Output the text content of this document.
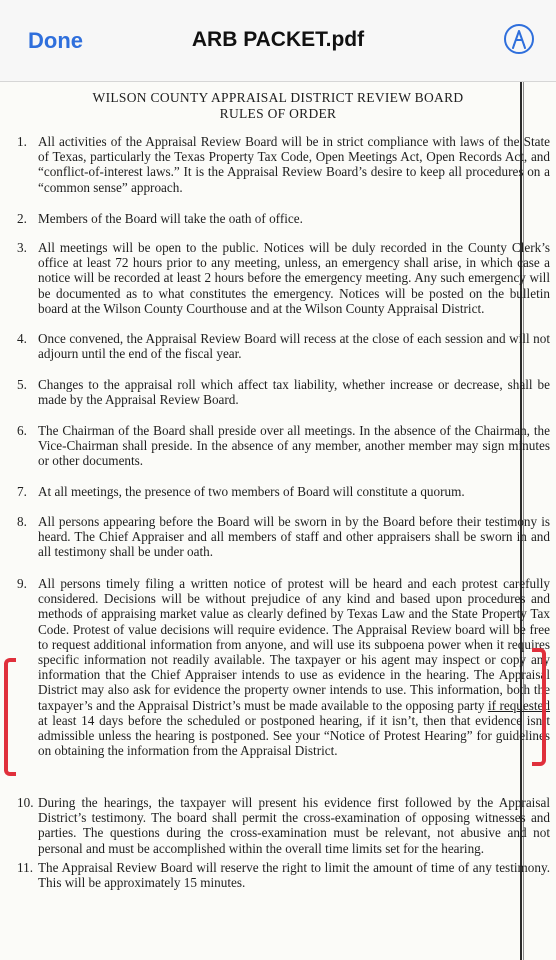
Done	ARB PACKET.pdf
WILSON COUNTY APPRAISAL DISTRICT REVIEW BOARD
RULES OF ORDER
1. All activities of the Appraisal Review Board will be in strict compliance with laws of the State of Texas, particularly the Texas Property Tax Code, Open Meetings Act, Open Records Act, and “conflict-of-interest laws.” It is the Appraisal Review Board’s desire to keep all procedures on a “common sense” approach.
2. Members of the Board will take the oath of office.
3. All meetings will be open to the public. Notices will be duly recorded in the County Clerk’s office at least 72 hours prior to any meeting, unless, an emergency shall arise, in which case a notice will be recorded at least 2 hours before the emergency meeting. Any such emergency will be documented as to what constitutes the emergency. Notices will be posted on the bulletin board at the Wilson County Courthouse and at the Wilson County Appraisal District.
4. Once convened, the Appraisal Review Board will recess at the close of each session and will not adjourn until the end of the fiscal year.
5. Changes to the appraisal roll which affect tax liability, whether increase or decrease, shall be made by the Appraisal Review Board.
6. The Chairman of the Board shall preside over all meetings. In the absence of the Chairman, the Vice-Chairman shall preside. In the absence of any member, another member may sign minutes or other documents.
7. At all meetings, the presence of two members of Board will constitute a quorum.
8. All persons appearing before the Board will be sworn in by the Board before their testimony is heard. The Chief Appraiser and all members of staff and other appraisers shall be sworn in and all testimony shall be under oath.
9. All persons timely filing a written notice of protest will be heard and each protest carefully considered. Decisions will be without prejudice of any kind and based upon procedures and methods of appraising market value as clearly defined by Texas Law and the State Property Tax Code. Protest of value decisions will require evidence. The Appraisal Review board will be free to request additional information from anyone, and will use its subpoena power when it requires specific information not readily available. The taxpayer or his agent may inspect or copy any information that the Chief Appraiser intends to use as evidence in the hearing. The Appraisal District may also ask for evidence the property owner intends to use. This information, both the taxpayer’s and the Appraisal District’s must be made available to the opposing party if requested at least 14 days before the scheduled or postponed hearing, if it isn’t, then that evidence isn’t admissible unless the hearing is postponed. See your “Notice of Protest Hearing” for guidelines on obtaining the information from the Appraisal District.
10. During the hearings, the taxpayer will present his evidence first followed by the Appraisal District’s testimony. The board shall permit the cross-examination of opposing witnesses and parties. The questions during the cross-examination must be relevant, not abusive and not personal and must be accomplished within the overall time limits set for the hearing.
11. The Appraisal Review Board will reserve the right to limit the amount of time of any testimony. This will be approximately 15 minutes.
